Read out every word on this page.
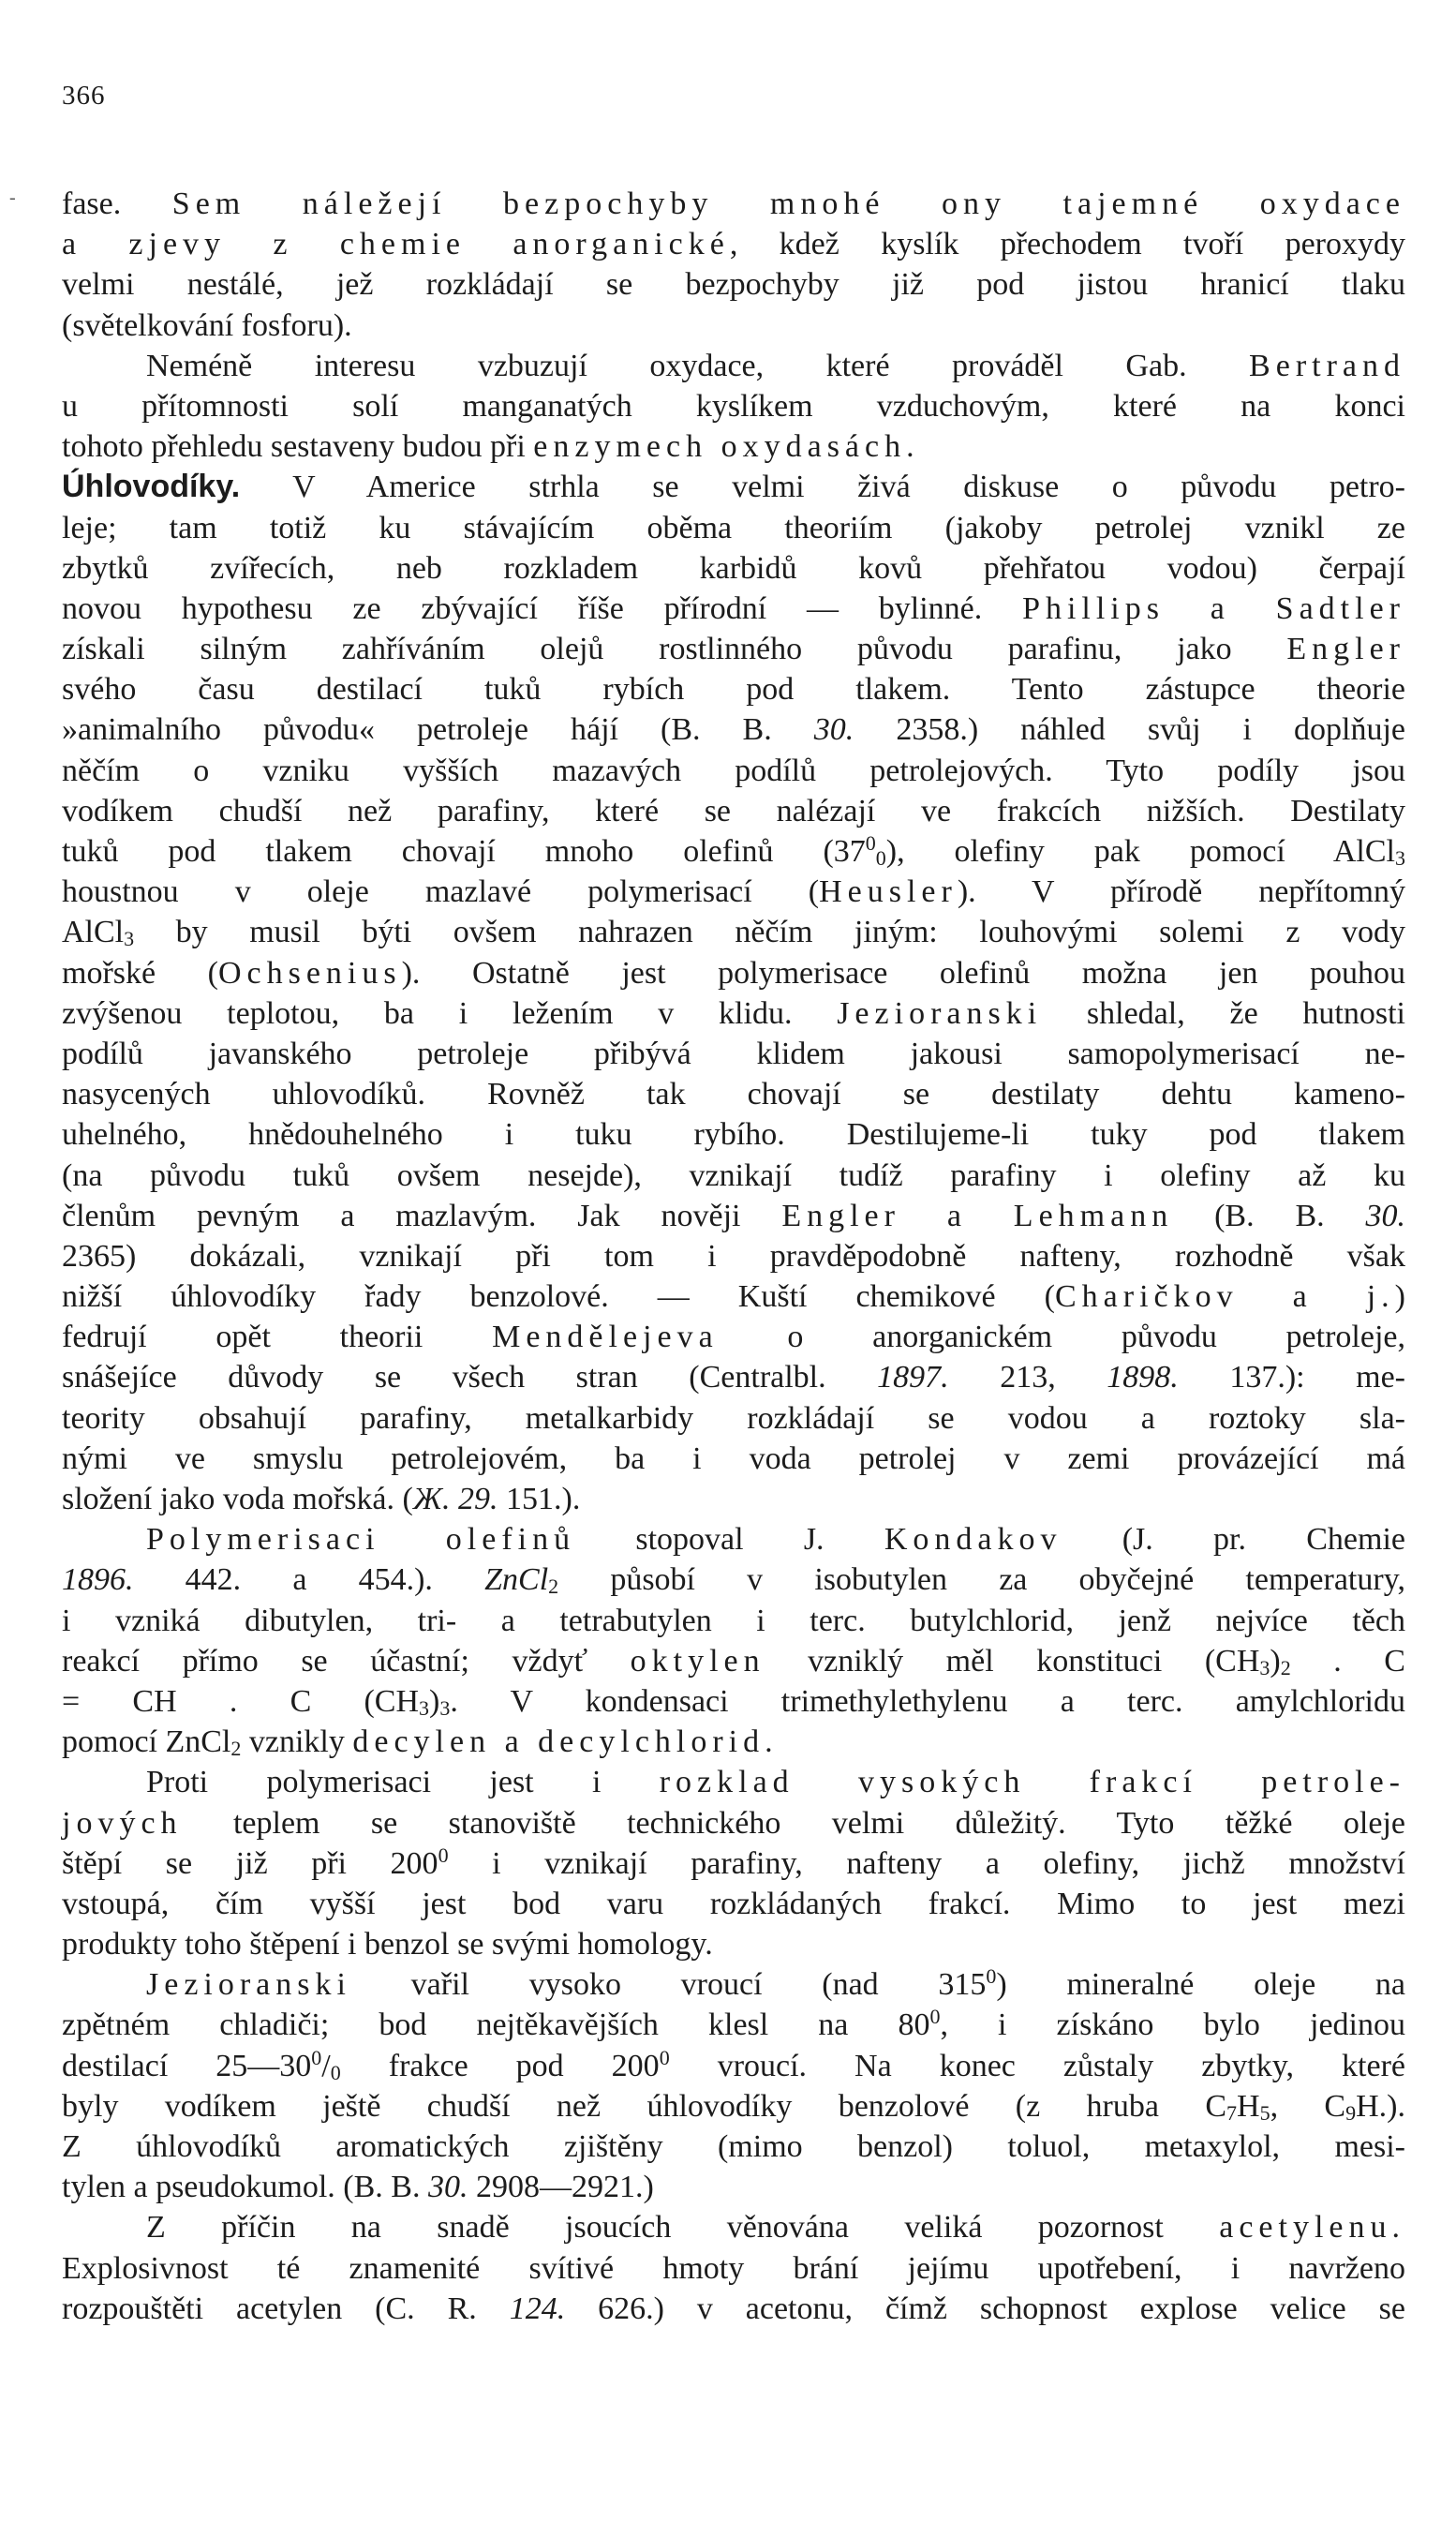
-
366
fase. Sem náležejí bezpochyby mnohé ony tajemné oxydace
a zjevy z chemie anorganické, kdež kyslík přechodem tvoří peroxydy
velmi nestálé, jež rozkládají se bezpochyby již pod jistou hranicí tlaku
(světelkování fosforu).
Neméně interesu vzbuzují oxydace, které prováděl Gab. Bertrand
u přítomnosti solí manganatých kyslíkem vzduchovým, které na konci
tohoto přehledu sestaveny budou při enzymech oxydasách.
Úhlovodíky. V Americe strhla se velmi živá diskuse o původu petro-
leje; tam totiž ku stávajícím oběma theoriím (jakoby petrolej vznikl ze
zbytků zvířecích, neb rozkladem karbidů kovů přehřatou vodou) čerpají
novou hypothesu ze zbývající říše přírodní — bylinné. Phillips a Sadtler
získali silným zahříváním olejů rostlinného původu parafinu, jako Engler
svého času destilací tuků rybích pod tlakem. Tento zástupce theorie
»animalního původu« petroleje hájí (B. B. 30. 2358.) náhled svůj i doplňuje
něčím o vzniku vyšších mazavých podílů petrolejových. Tyto podíly jsou
vodíkem chudší než parafiny, které se nalézají ve frakcích nižších. Destilaty
tuků pod tlakem chovají mnoho olefinů $(37^0_0)$, olefiny pak pomocí AlCl$_3$
houstnou v oleje mazlavé polymerisací (Heusler). V přírodě nepřítomný
AlCl$_3$ by musil býti ovšem nahrazen něčím jiným: louhovými solemi z vody
mořské (Ochsenius). Ostatně jest polymerisace olefinů možna jen pouhou
zvýšenou teplotou, ba i ležením v klidu. Jezioranski shledal, že hutnosti
podílů javanského petroleje přibývá klidem jakousi samopolymerisací ne-
nasycených uhlovodíků. Rovněž tak chovají se destilaty dehtu kameno-
uhelného, hnědouhelného i tuku rybího. Destilujeme-li tuky pod tlakem
(na původu tuků ovšem nesejde), vznikají tudíž parafiny i olefiny až ku
členům pevným a mazlavým. Jak nověji Engler a Lehmann (B. B. 30.
2365) dokázali, vznikají při tom i pravděpodobně nafteny, rozhodně však
nižší úhlovodíky řady benzolové. — Kuští chemikové (Charičkov a j.)
fedrují opět theorii Mendělejeva o anorganickém původu petroleje,
snášejíce důvody se všech stran (Centralbl. 1897. 213, 1898. 137.): me-
teority obsahují parafiny, metalkarbidy rozkládají se vodou a roztoky sla-
nými ve smyslu petrolejovém, ba i voda petrolej v zemi provázející má
složení jako voda mořská. (Ж. 29. 151.).
Polymerisaci olefinů stopoval J. Kondakov (J. pr. Chemie
1896. 442. a 454.). ZnCl$_2$ působí v isobutylen za obyčejné temperatury,
i vzniká dibutylen, tri- a tetrabutylen i terc. butylchlorid, jenž nejvíce těch
reakcí přímo se účastní; vždyť oktylen vzniklý měl konstituci $(CH_3)_2$ . C
= CH . C $(CH_3)_3$. V kondensaci trimethylethylenu a terc. amylchloridu
pomocí ZnCl$_2$ vznikly decylen a decylchlorid.
Proti polymerisaci jest i rozklad vysokých frakcí petrole-
jových teplem se stanoviště technického velmi důležitý. Tyto těžké oleje
štěpí se již při $200^0$ i vznikají parafiny, nafteny a olefiny, jichž množství
vstoupá, čím vyšší jest bod varu rozkládaných frakcí. Mimo to jest mezi
produkty toho štěpení i benzol se svými homology.
Jezioranski vařil vysoko vroucí (nad $315^0$) mineralné oleje na
zpětném chladiči; bod nejtěkavějších klesl na $80^0$, i získáno bylo jedinou
destilací $25—30^0/_0$ frakce pod $200^0$ vroucí. Na konec zůstaly zbytky, které
byly vodíkem ještě chudší než úhlovodíky benzolové (z hruba $C_7H_5$, $C_9H$.).
Z úhlovodíků aromatických zjištěny (mimo benzol) toluol, metaxylol, mesi-
tylen a pseudokumol. (B. B. 30. 2908—2921.)
Z příčin na snadě jsoucích věnována veliká pozornost acetylenu.
Explosivnost té znamenité svítivé hmoty brání jejímu upotřebení, i navrženo
rozpouštěti acetylen (C. R. 124. 626.) v acetonu, čímž schopnost explose velice se
